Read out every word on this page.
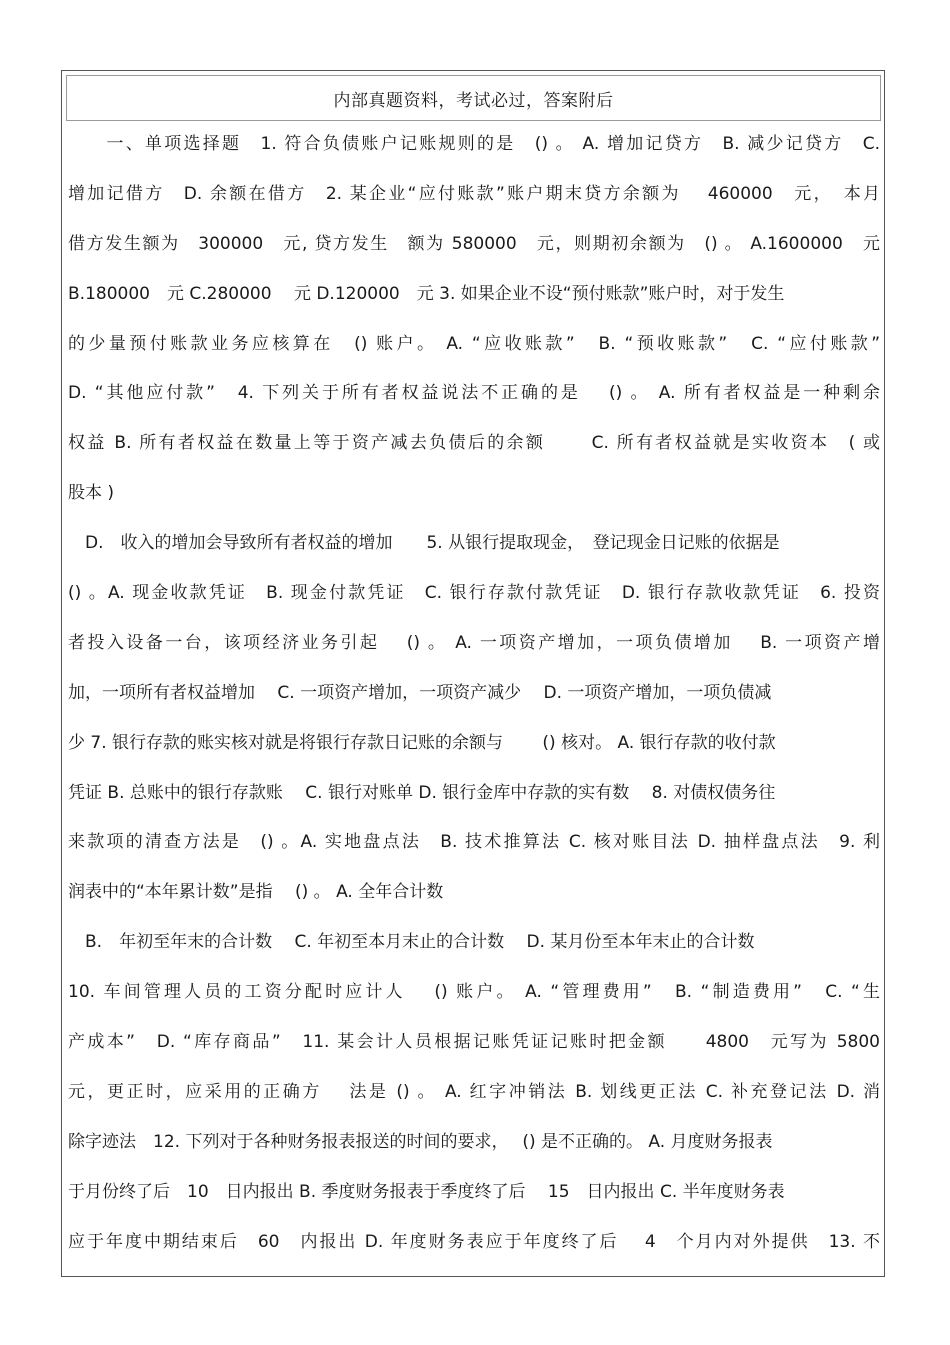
内部真题资料，考试必过，答案附后
　　一、单项选择题　1. 符合负债账户记账规则的是　() 。 A. 增加记贷方　B. 减少记贷方　C.
增加记借方　D. 余额在借方　2. 某企业“应付账款”账户期末贷方余额为　 460000　元，　本月
借方发生额为　300000　元, 贷方发生　额为 580000　元，则期初余额为　() 。 A.1600000　元
B.180000　元 C.280000　 元 D.120000　元 3. 如果企业不设“预付账款”账户时，对于发生
的少量预付账款业务应核算在　() 账户。 A. “应收账款”　B. “预收账款”　C. “应付账款”
D. “其他应付款”　4. 下列关于所有者权益说法不正确的是　 () 。 A. 所有者权益是一种剩余
权益 B. 所有者权益在数量上等于资产减去负债后的余额　　 C. 所有者权益就是实收资本　( 或
股本 )
　D.　收入的增加会导致所有者权益的增加　　5. 从银行提取现金，　登记现金日记账的依据是
() 。A. 现金收款凭证　B. 现金付款凭证　C. 银行存款付款凭证　D. 银行存款收款凭证　6. 投资
者投入设备一台，该项经济业务引起　 () 。 A. 一项资产增加，一项负债增加　 B. 一项资产增
加，一项所有者权益增加　 C. 一项资产增加，一项资产减少　 D. 一项资产增加，一项负债减
少 7. 银行存款的账实核对就是将银行存款日记账的余额与　　 () 核对。 A. 银行存款的收付款
凭证 B. 总账中的银行存款账　 C. 银行对账单 D. 银行金库中存款的实有数　 8. 对债权债务往
来款项的清查方法是　() 。A. 实地盘点法　B. 技术推算法 C. 核对账目法 D. 抽样盘点法　9. 利
润表中的“本年累计数”是指　 () 。 A. 全年合计数
　B.　年初至年末的合计数　 C. 年初至本月末止的合计数　 D. 某月份至本年末止的合计数
10. 车间管理人员的工资分配时应计人　 () 账户。 A. “管理费用”　B. “制造费用”　C. “生
产成本”　D. “库存商品”　11. 某会计人员根据记账凭证记账时把金额　　4800　元写为 5800
元，更正时，应采用的正确方　 法是 () 。 A. 红字冲销法 B. 划线更正法 C. 补充登记法 D. 消
除字迹法　12. 下列对于各种财务报表报送的时间的要求，　 () 是不正确的。 A. 月度财务报表
于月份终了后　10　日内报出 B. 季度财务报表于季度终了后　 15　日内报出 C. 半年度财务表
应于年度中期结束后　60　内报出 D. 年度财务表应于年度终了后　 4　个月内对外提供　13. 不
